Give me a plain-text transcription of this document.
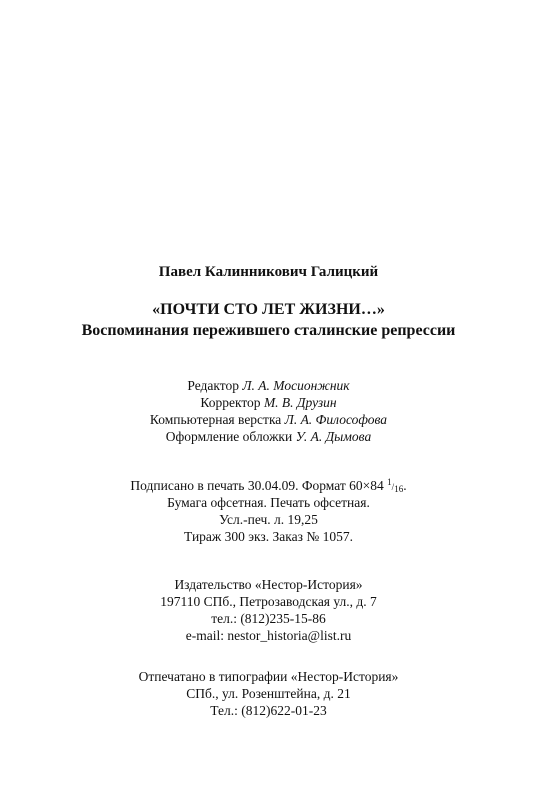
Павел Калинникович Галицкий
«ПОЧТИ СТО ЛЕТ ЖИЗНИ…»
Воспоминания пережившего сталинские репрессии
Редактор Л. А. Мосионжник
Корректор М. В. Друзин
Компьютерная верстка Л. А. Философова
Оформление обложки У. А. Дымова
Подписано в печать 30.04.09. Формат 60×84 1/16.
Бумага офсетная. Печать офсетная.
Усл.-печ. л. 19,25
Тираж 300 экз. Заказ № 1057.
Издательство «Нестор-История»
197110 СПб., Петрозаводская ул., д. 7
тел.: (812)235-15-86
e-mail: nestor_historia@list.ru
Отпечатано в типографии «Нестор-История»
СПб., ул. Розенштейна, д. 21
Тел.: (812)622-01-23
